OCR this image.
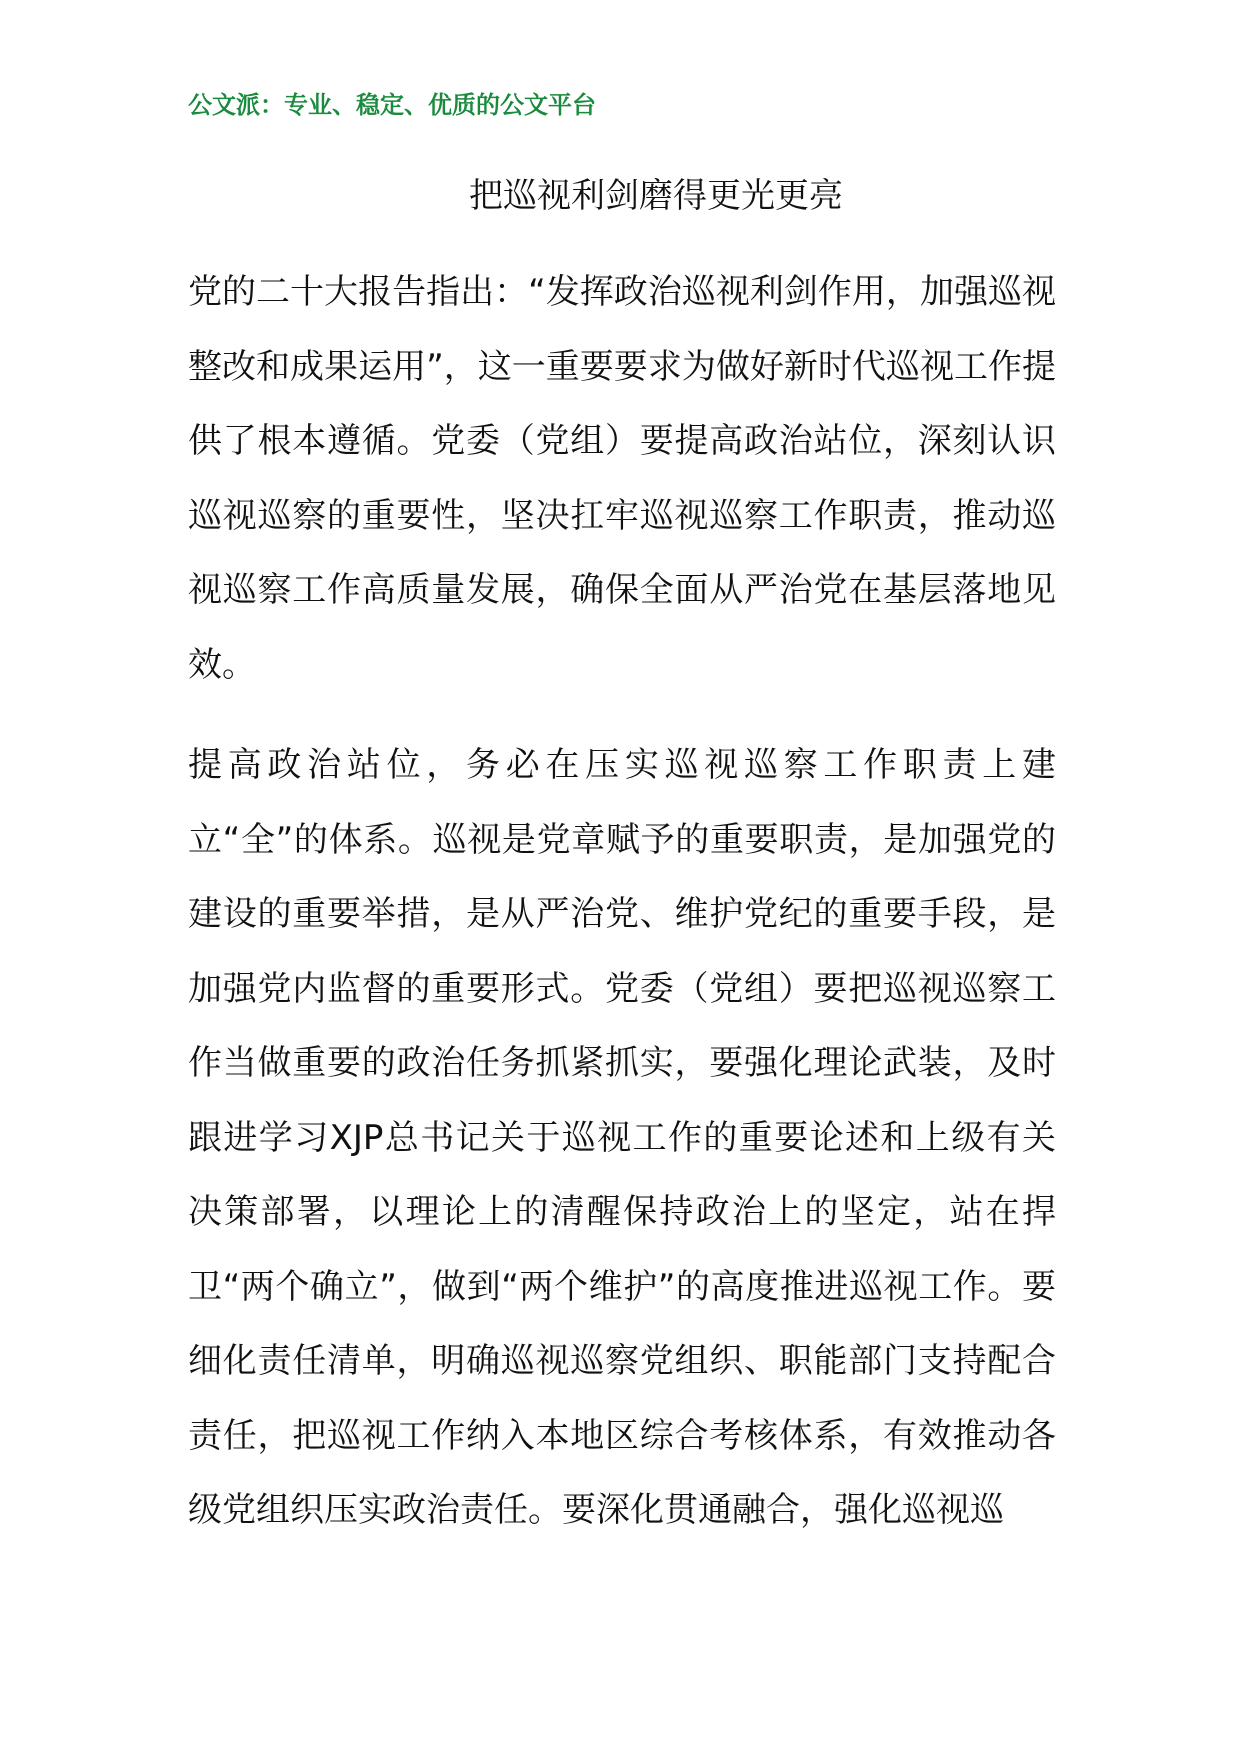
公文派：专业、稳定、优质的公文平台
把巡视利剑磨得更光更亮

党的二十大报告指出：“发挥政治巡视利剑作用，加强巡视整改和成果运用”，这一重要要求为做好新时代巡视工作提供了根本遵循。党委（党组）要提高政治站位，深刻认识巡视巡察的重要性，坚决扛牢巡视巡察工作职责，推动巡视巡察工作高质量发展，确保全面从严治党在基层落地见效。

提高政治站位，务必在压实巡视巡察工作职责上建立“全”的体系。巡视是党章赋予的重要职责，是加强党的建设的重要举措，是从严治党、维护党纪的重要手段，是加强党内监督的重要形式。党委（党组）要把巡视巡察工作当做重要的政治任务抓紧抓实，要强化理论武装，及时跟进学习XJP总书记关于巡视工作的重要论述和上级有关决策部署，以理论上的清醒保持政治上的坚定，站在捍卫“两个确立”，做到“两个维护”的高度推进巡视工作。要细化责任清单，明确巡视巡察党组织、职能部门支持配合责任，把巡视工作纳入本地区综合考核体系，有效推动各级党组织压实政治责任。要深化贯通融合，强化巡视巡
